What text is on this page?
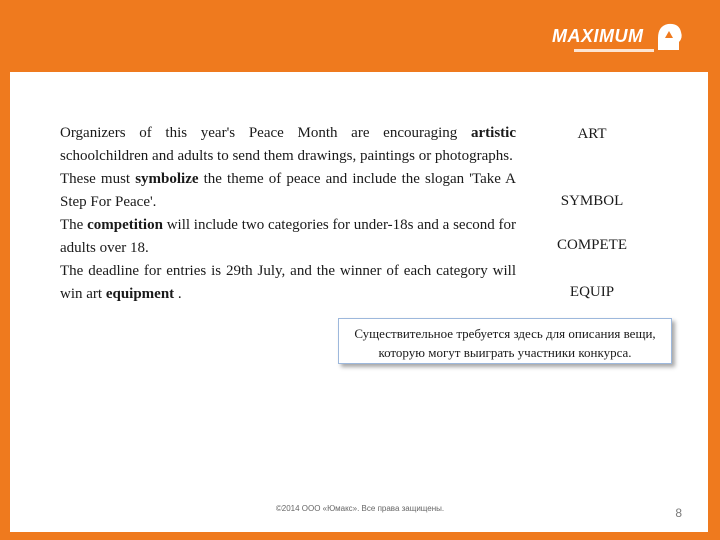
MAXIMUM
Organizers of this year's Peace Month are encouraging artistic schoolchildren and adults to send them drawings, paintings or photographs.
These must symbolize the theme of peace and include the slogan 'Take A Step For Peace'.
The competition will include two categories for under-18s and a second for adults over 18.
The deadline for entries is 29th July, and the winner of each category will win art equipment .
ART
SYMBOL
COMPETE
EQUIP
Существительное требуется здесь для описания вещи, которую могут выиграть участники конкурса.
©2014 ООО «Юмакс». Все права защищены.	8
